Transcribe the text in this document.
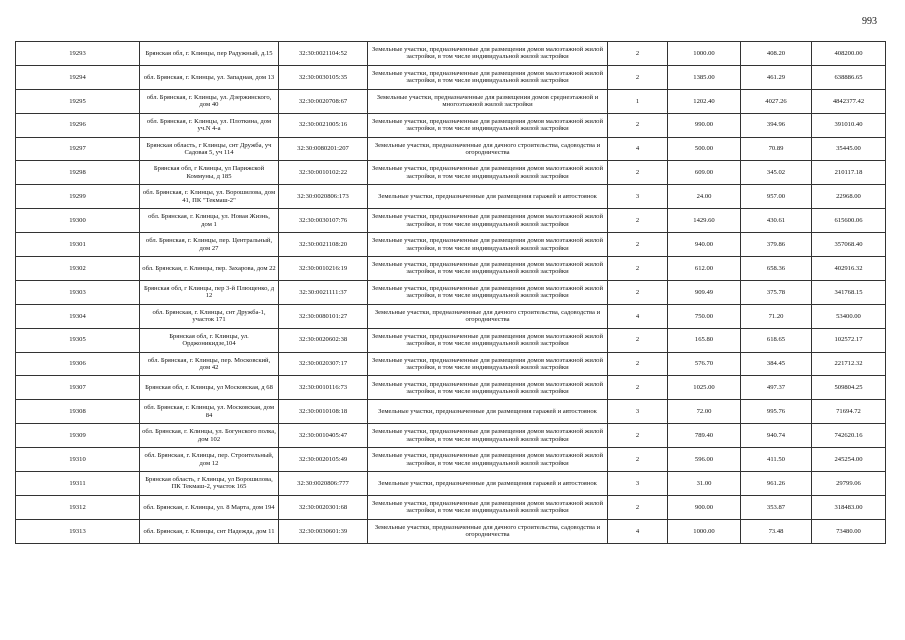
993
19293	Брянская обл, г. Клинцы, пер Радужный, д.15	32:30:0021104:52	Земельные участки, предназначенные для размещения домов малоэтажной жилой застройки, в том числе индивидуальной жилой застройки	2	1000.00	408.20	408200.00
19294	обл. Брянская, г. Клинцы, ул. Западная, дом 13	32:30:0030105:35	Земельные участки, предназначенные для размещения домов малоэтажной жилой застройки, в том числе индивидуальной жилой застройки	2	1385.00	461.29	638886.65
19295	обл. Брянская, г. Клинцы, ул. Дзержинского, дом 40	32:30:0020708:67	Земельные участки, предназначенные для размещения домов среднеэтажной и многоэтажной жилой застройки	1	1202.40	4027.26	4842377.42
19296	обл. Брянская, г. Клинцы, ул. Плоткина, дом уч.N 4-а	32:30:0021005:16	Земельные участки, предназначенные для размещения домов малоэтажной жилой застройки, в том числе индивидуальной жилой застройки	2	990.00	394.96	391010.40
19297	Брянская область, г Клинцы, снт Дружба, уч Садовая 5, уч 114	32:30:0080201:207	Земельные участки, предназначенные для дачного строительства, садоводства и огородничества	4	500.00	70.89	35445.00
19298	Брянская обл, г Клинцы, ул Парижской Коммуны, д 185	32:30:0010102:22	Земельные участки, предназначенные для размещения домов малоэтажной жилой застройки, в том числе индивидуальной жилой застройки	2	609.00	345.02	210117.18
19299	обл. Брянская, г. Клинцы, ул. Ворошилова, дом 41, ПК "Текмаш-2"	32:30:0020806:173	Земельные участки, предназначенные для размещения гаражей и автостоянок	3	24.00	957.00	22968.00
19300	обл. Брянская, г. Клинцы, ул. Новая Жизнь, дом 1	32:30:0030107:76	Земельные участки, предназначенные для размещения домов малоэтажной жилой застройки, в том числе индивидуальной жилой застройки	2	1429.60	430.61	615600.06
19301	обл. Брянская, г. Клинцы, пер. Центральный, дом 27	32:30:0021108:20	Земельные участки, предназначенные для размещения домов малоэтажной жилой застройки, в том числе индивидуальной жилой застройки	2	940.00	379.86	357068.40
19302	обл. Брянская, г. Клинцы, пер. Захарова, дом 22	32:30:0010216:19	Земельные участки, предназначенные для размещения домов малоэтажной жилой застройки, в том числе индивидуальной жилой застройки	2	612.00	658.36	402916.32
19303	Брянская обл, г Клинцы, пер 3-й Плющенко, д 12	32:30:0021111:37	Земельные участки, предназначенные для размещения домов малоэтажной жилой застройки, в том числе индивидуальной жилой застройки	2	909.49	375.78	341768.15
19304	обл. Брянская, г. Клинцы, снт Дружба-1, участок 171	32:30:0080101:27	Земельные участки, предназначенные для дачного строительства, садоводства и огородничества	4	750.00	71.20	53400.00
19305	Брянская обл, г. Клинцы, ул. Орджоникидзе,104	32:30:0020602:38	Земельные участки, предназначенные для размещения домов малоэтажной жилой застройки, в том числе индивидуальной жилой застройки	2	165.80	618.65	102572.17
19306	обл. Брянская, г. Клинцы, пер. Московский, дом 42	32:30:0020307:17	Земельные участки, предназначенные для размещения домов малоэтажной жилой застройки, в том числе индивидуальной жилой застройки	2	576.70	384.45	221712.32
19307	Брянская обл, г. Клинцы, ул Московская, д 68	32:30:0010116:73	Земельные участки, предназначенные для размещения домов малоэтажной жилой застройки, в том числе индивидуальной жилой застройки	2	1025.00	497.37	509804.25
19308	обл. Брянская, г. Клинцы, ул. Московская, дом 84	32:30:0010108:18	Земельные участки, предназначенные для размещения гаражей и автостоянок	3	72.00	995.76	71694.72
19309	обл. Брянская, г. Клинцы, ул. Богунского полка, дом 102	32:30:0010405:47	Земельные участки, предназначенные для размещения домов малоэтажной жилой застройки, в том числе индивидуальной жилой застройки	2	789.40	940.74	742620.16
19310	обл. Брянская, г. Клинцы, пер. Строительный, дом 12	32:30:0020105:49	Земельные участки, предназначенные для размещения домов малоэтажной жилой застройки, в том числе индивидуальной жилой застройки	2	596.00	411.50	245254.00
19311	Брянская область, г Клинцы, ул Ворошилова, ПК Текмаш-2, участок 165	32:30:0020806:777	Земельные участки, предназначенные для размещения гаражей и автостоянок	3	31.00	961.26	29799.06
19312	обл. Брянская, г. Клинцы, ул. 8 Марта, дом 194	32:30:0020301:68	Земельные участки, предназначенные для размещения домов малоэтажной жилой застройки, в том числе индивидуальной жилой застройки	2	900.00	353.87	318483.00
19313	обл. Брянская, г. Клинцы, снт Надежда, дом 11	32:30:0030601:39	Земельные участки, предназначенные для дачного строительства, садоводства и огородничества	4	1000.00	73.48	73480.00
